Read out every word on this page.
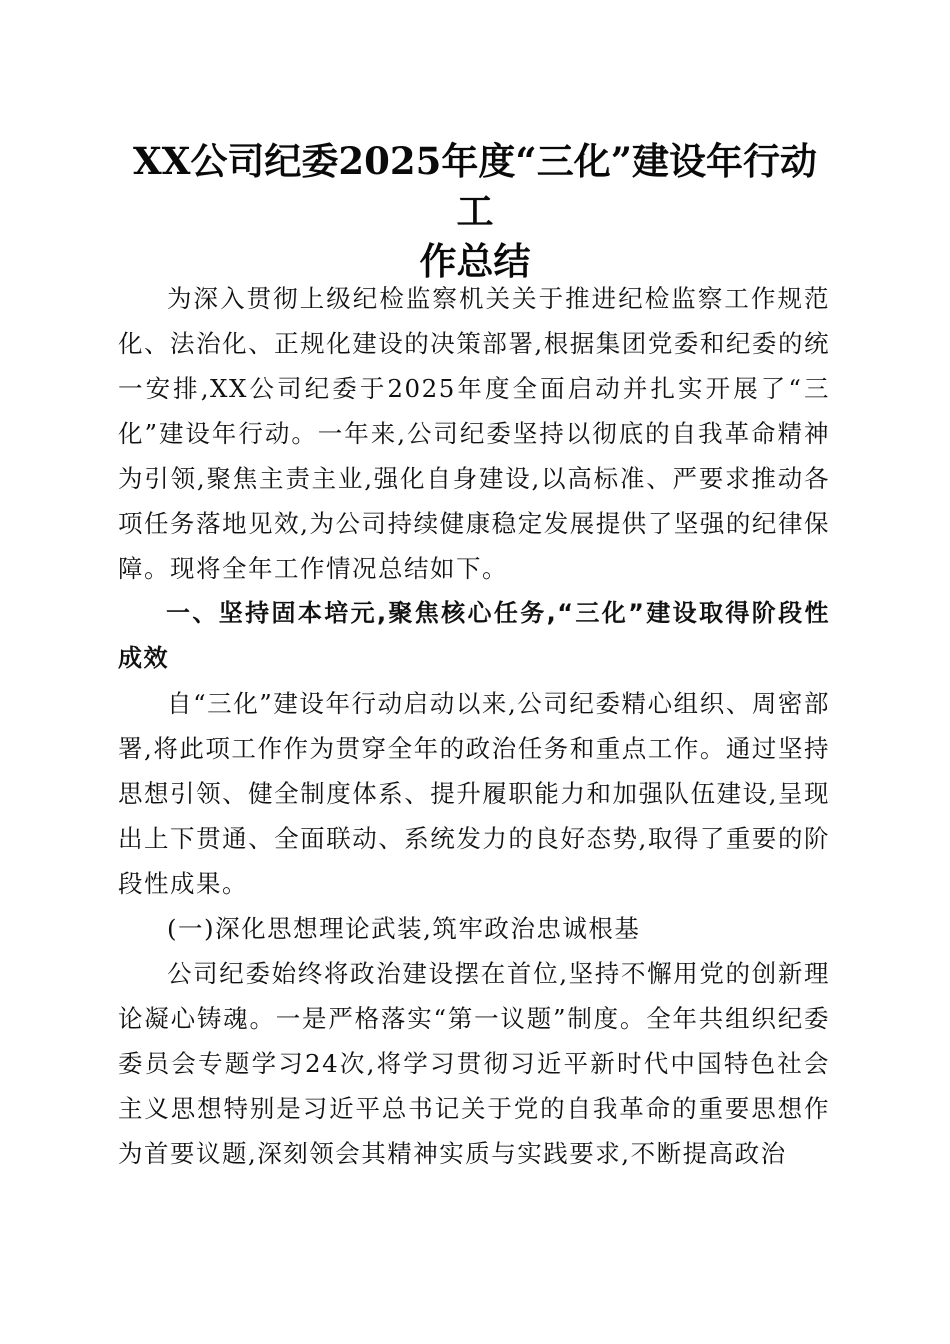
XX公司纪委2025年度“三化”建设年行动工
作总结

为深入贯彻上级纪检监察机关关于推进纪检监察工作规范化、法治化、正规化建设的决策部署,根据集团党委和纪委的统一安排,XX公司纪委于2025年度全面启动并扎实开展了“三化”建设年行动。一年来,公司纪委坚持以彻底的自我革命精神为引领,聚焦主责主业,强化自身建设,以高标准、严要求推动各项任务落地见效,为公司持续健康稳定发展提供了坚强的纪律保障。现将全年工作情况总结如下。

一、坚持固本培元,聚焦核心任务,“三化”建设取得阶段性成效

自“三化”建设年行动启动以来,公司纪委精心组织、周密部署,将此项工作作为贯穿全年的政治任务和重点工作。通过坚持思想引领、健全制度体系、提升履职能力和加强队伍建设,呈现出上下贯通、全面联动、系统发力的良好态势,取得了重要的阶段性成果。

(一)深化思想理论武装,筑牢政治忠诚根基

公司纪委始终将政治建设摆在首位,坚持不懈用党的创新理论凝心铸魂。一是严格落实“第一议题”制度。全年共组织纪委委员会专题学习24次,将学习贯彻习近平新时代中国特色社会主义思想特别是习近平总书记关于党的自我革命的重要思想作为首要议题,深刻领会其精神实质与实践要求,不断提高政治
